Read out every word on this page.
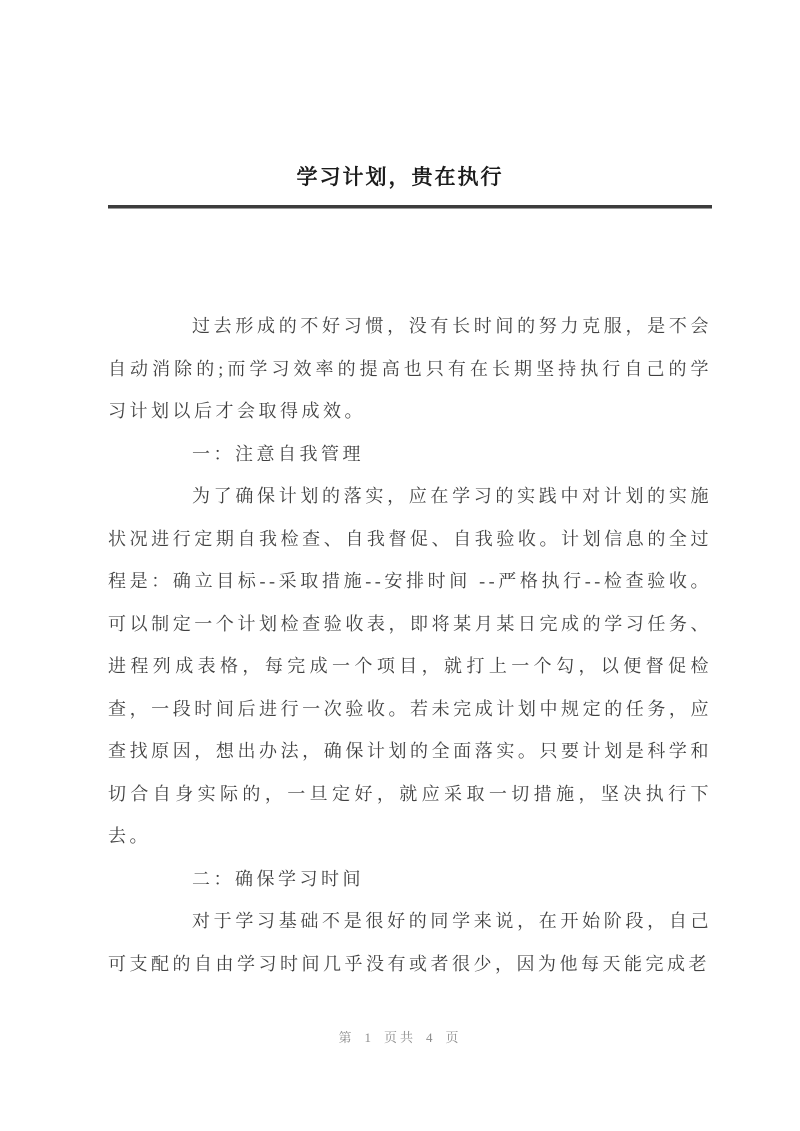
学习计划，贵在执行

过去形成的不好习惯，没有长时间的努力克服，是不会自动消除的;而学习效率的提高也只有在长期坚持执行自己的学习计划以后才会取得成效。

一：注意自我管理

为了确保计划的落实，应在学习的实践中对计划的实施状况进行定期自我检查、自我督促、自我验收。计划信息的全过程是：确立目标--采取措施--安排时间 --严格执行--检查验收。可以制定一个计划检查验收表，即将某月某日完成的学习任务、进程列成表格，每完成一个项目，就打上一个勾，以便督促检查，一段时间后进行一次验收。若未完成计划中规定的任务，应查找原因，想出办法，确保计划的全面落实。只要计划是科学和切合自身实际的，一旦定好，就应采取一切措施，坚决执行下去。

二：确保学习时间

对于学习基础不是很好的同学来说，在开始阶段，自己可支配的自由学习时间几乎没有或者很少，因为他每天能完成老

第 1 页共 4 页
